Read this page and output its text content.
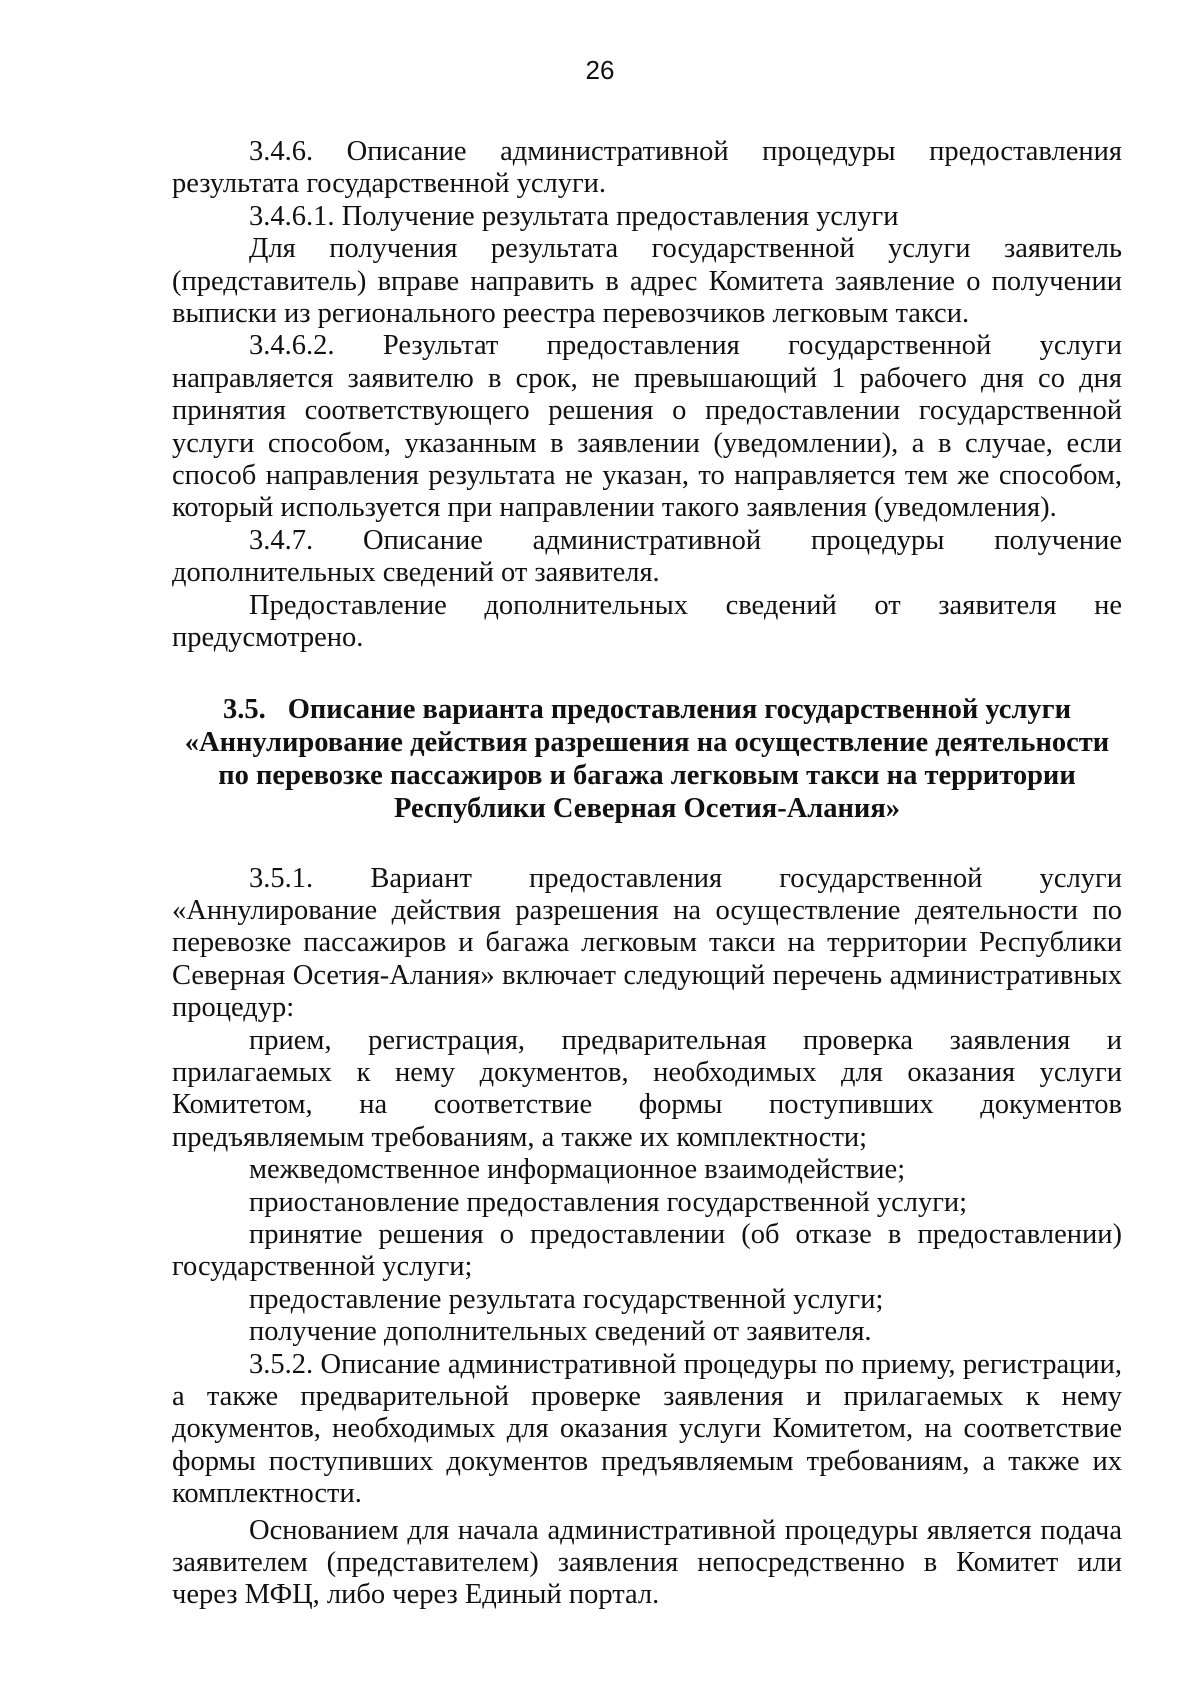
26

3.4.6. Описание административной процедуры предоставления результата государственной услуги.

3.4.6.1. Получение результата предоставления услуги

Для получения результата государственной услуги заявитель (представитель) вправе направить в адрес Комитета заявление о получении выписки из регионального реестра перевозчиков легковым такси.

3.4.6.2. Результат предоставления государственной услуги направляется заявителю в срок, не превышающий 1 рабочего дня со дня принятия соответствующего решения о предоставлении государственной услуги способом, указанным в заявлении (уведомлении), а в случае, если способ направления результата не указан, то направляется тем же способом, который используется при направлении такого заявления (уведомления).

3.4.7. Описание административной процедуры получение дополнительных сведений от заявителя.

Предоставление дополнительных сведений от заявителя не предусмотрено.

3.5. Описание варианта предоставления государственной услуги «Аннулирование действия разрешения на осуществление деятельности по перевозке пассажиров и багажа легковым такси на территории Республики Северная Осетия-Алания»

3.5.1. Вариант предоставления государственной услуги «Аннулирование действия разрешения на осуществление деятельности по перевозке пассажиров и багажа легковым такси на территории Республики Северная Осетия-Алания» включает следующий перечень административных процедур:

прием, регистрация, предварительная проверка заявления и прилагаемых к нему документов, необходимых для оказания услуги Комитетом, на соответствие формы поступивших документов предъявляемым требованиям, а также их комплектности;

межведомственное информационное взаимодействие;

приостановление предоставления государственной услуги;

принятие решения о предоставлении (об отказе в предоставлении) государственной услуги;

предоставление результата государственной услуги;

получение дополнительных сведений от заявителя.

3.5.2. Описание административной процедуры по приему, регистрации, а также предварительной проверке заявления и прилагаемых к нему документов, необходимых для оказания услуги Комитетом, на соответствие формы поступивших документов предъявляемым требованиям, а также их комплектности.

Основанием для начала административной процедуры является подача заявителем (представителем) заявления непосредственно в Комитет или через МФЦ, либо через Единый портал.
